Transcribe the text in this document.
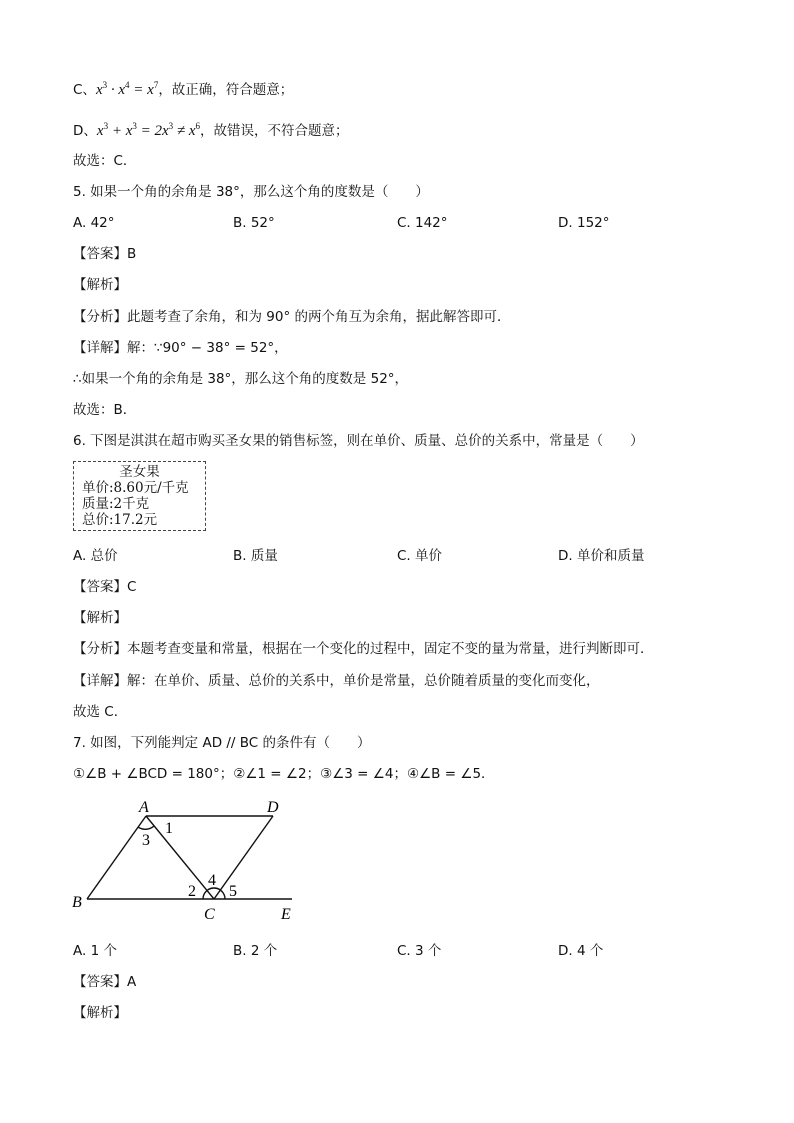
C、$x^3 \cdot x^4 = x^7$，故正确，符合题意；
D、$x^3 + x^3 = 2x^3 \ne x^6$，故错误，不符合题意；
故选：C．
5. 如果一个角的余角是 38°，那么这个角的度数是（　　）
A. 42°	B. 52°	C. 142°	D. 152°
【答案】B
【解析】
【分析】此题考查了余角，和为 90° 的两个角互为余角，据此解答即可．
【详解】解：∵90° − 38° = 52°，
∴如果一个角的余角是 38°，那么这个角的度数是 52°，
故选：B．
6. 下图是淇淇在超市购买圣女果的销售标签，则在单价、质量、总价的关系中，常量是（　　）
圣女果
单价:8.60元/千克
质量:2千克
总价:17.2元
A. 总价	B. 质量	C. 单价	D. 单价和质量
【答案】C
【解析】
【分析】本题考查变量和常量，根据在一个变化的过程中，固定不变的量为常量，进行判断即可．
【详解】解：在单价、质量、总价的关系中，单价是常量，总价随着质量的变化而变化，
故选 C．
7. 如图，下列能判定 AD // BC 的条件有（　　）
①∠B + ∠BCD = 180°；②∠1 = ∠2；③∠3 = ∠4；④∠B = ∠5．
A	D
B
C	E
1
3
2
4
5
A. 1 个	B. 2 个	C. 3 个	D. 4 个
【答案】A
【解析】
